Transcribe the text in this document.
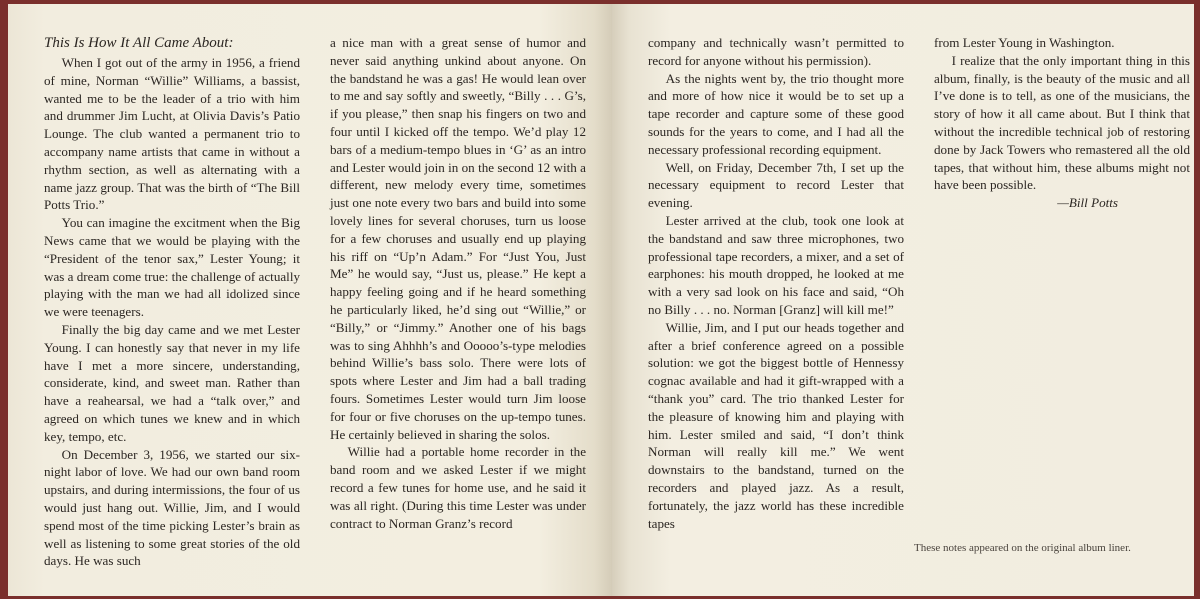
This Is How It All Came About:

When I got out of the army in 1956, a friend of mine, Norman “Willie” Williams, a bassist, wanted me to be the leader of a trio with him and drummer Jim Lucht, at Olivia Davis’s Patio Lounge. The club wanted a permanent trio to accompany name artists that came in without a rhythm section, as well as alternating with a name jazz group. That was the birth of “The Bill Potts Trio.”

You can imagine the excitment when the Big News came that we would be playing with the “President of the tenor sax,” Lester Young; it was a dream come true: the challenge of actually playing with the man we had all idolized since we were teenagers.

Finally the big day came and we met Lester Young. I can honestly say that never in my life have I met a more sincere, understanding, considerate, kind, and sweet man. Rather than have a reahearsal, we had a “talk over,” and agreed on which tunes we knew and in which key, tempo, etc.

On December 3, 1956, we started our six-night labor of love. We had our own band room upstairs, and during intermissions, the four of us would just hang out. Willie, Jim, and I would spend most of the time picking Lester’s brain as well as listening to some great stories of the old days. He was such

a nice man with a great sense of humor and never said anything unkind about anyone. On the bandstand he was a gas! He would lean over to me and say softly and sweetly, “Billy . . . G’s, if you please,” then snap his fingers on two and four until I kicked off the tempo. We’d play 12 bars of a medium-tempo blues in ‘G’ as an intro and Lester would join in on the second 12 with a different, new melody every time, sometimes just one note every two bars and build into some lovely lines for several choruses, turn us loose for a few choruses and usually end up playing his riff on “Up’n Adam.” For “Just You, Just Me” he would say, “Just us, please.” He kept a happy feeling going and if he heard something he particularly liked, he’d sing out “Willie,” or “Billy,” or “Jimmy.” Another one of his bags was to sing Ahhhh’s and Ooooo’s-type melodies behind Willie’s bass solo. There were lots of spots where Lester and Jim had a ball trading fours. Sometimes Lester would turn Jim loose for four or five choruses on the up-tempo tunes. He certainly believed in sharing the solos.

Willie had a portable home recorder in the band room and we asked Lester if we might record a few tunes for home use, and he said it was all right. (During this time Lester was under contract to Norman Granz’s record

company and technically wasn’t permitted to record for anyone without his permission).

As the nights went by, the trio thought more and more of how nice it would be to set up a tape recorder and capture some of these good sounds for the years to come, and I had all the necessary professional recording equipment.

Well, on Friday, December 7th, I set up the necessary equipment to record Lester that evening.

Lester arrived at the club, took one look at the bandstand and saw three microphones, two professional tape recorders, a mixer, and a set of earphones: his mouth dropped, he looked at me with a very sad look on his face and said, “Oh no Billy . . . no. Norman [Granz] will kill me!”

Willie, Jim, and I put our heads together and after a brief conference agreed on a possible solution: we got the biggest bottle of Hennessy cognac available and had it gift-wrapped with a “thank you” card. The trio thanked Lester for the pleasure of knowing him and playing with him. Lester smiled and said, “I don’t think Norman will really kill me.” We went downstairs to the bandstand, turned on the recorders and played jazz. As a result, fortunately, the jazz world has these incredible tapes

from Lester Young in Washington.

I realize that the only important thing in this album, finally, is the beauty of the music and all I’ve done is to tell, as one of the musicians, the story of how it all came about. But I think that without the incredible technical job of restoring done by Jack Towers who remastered all the old tapes, that without him, these albums might not have been possible.

—Bill Potts

These notes appeared on the original album liner.
